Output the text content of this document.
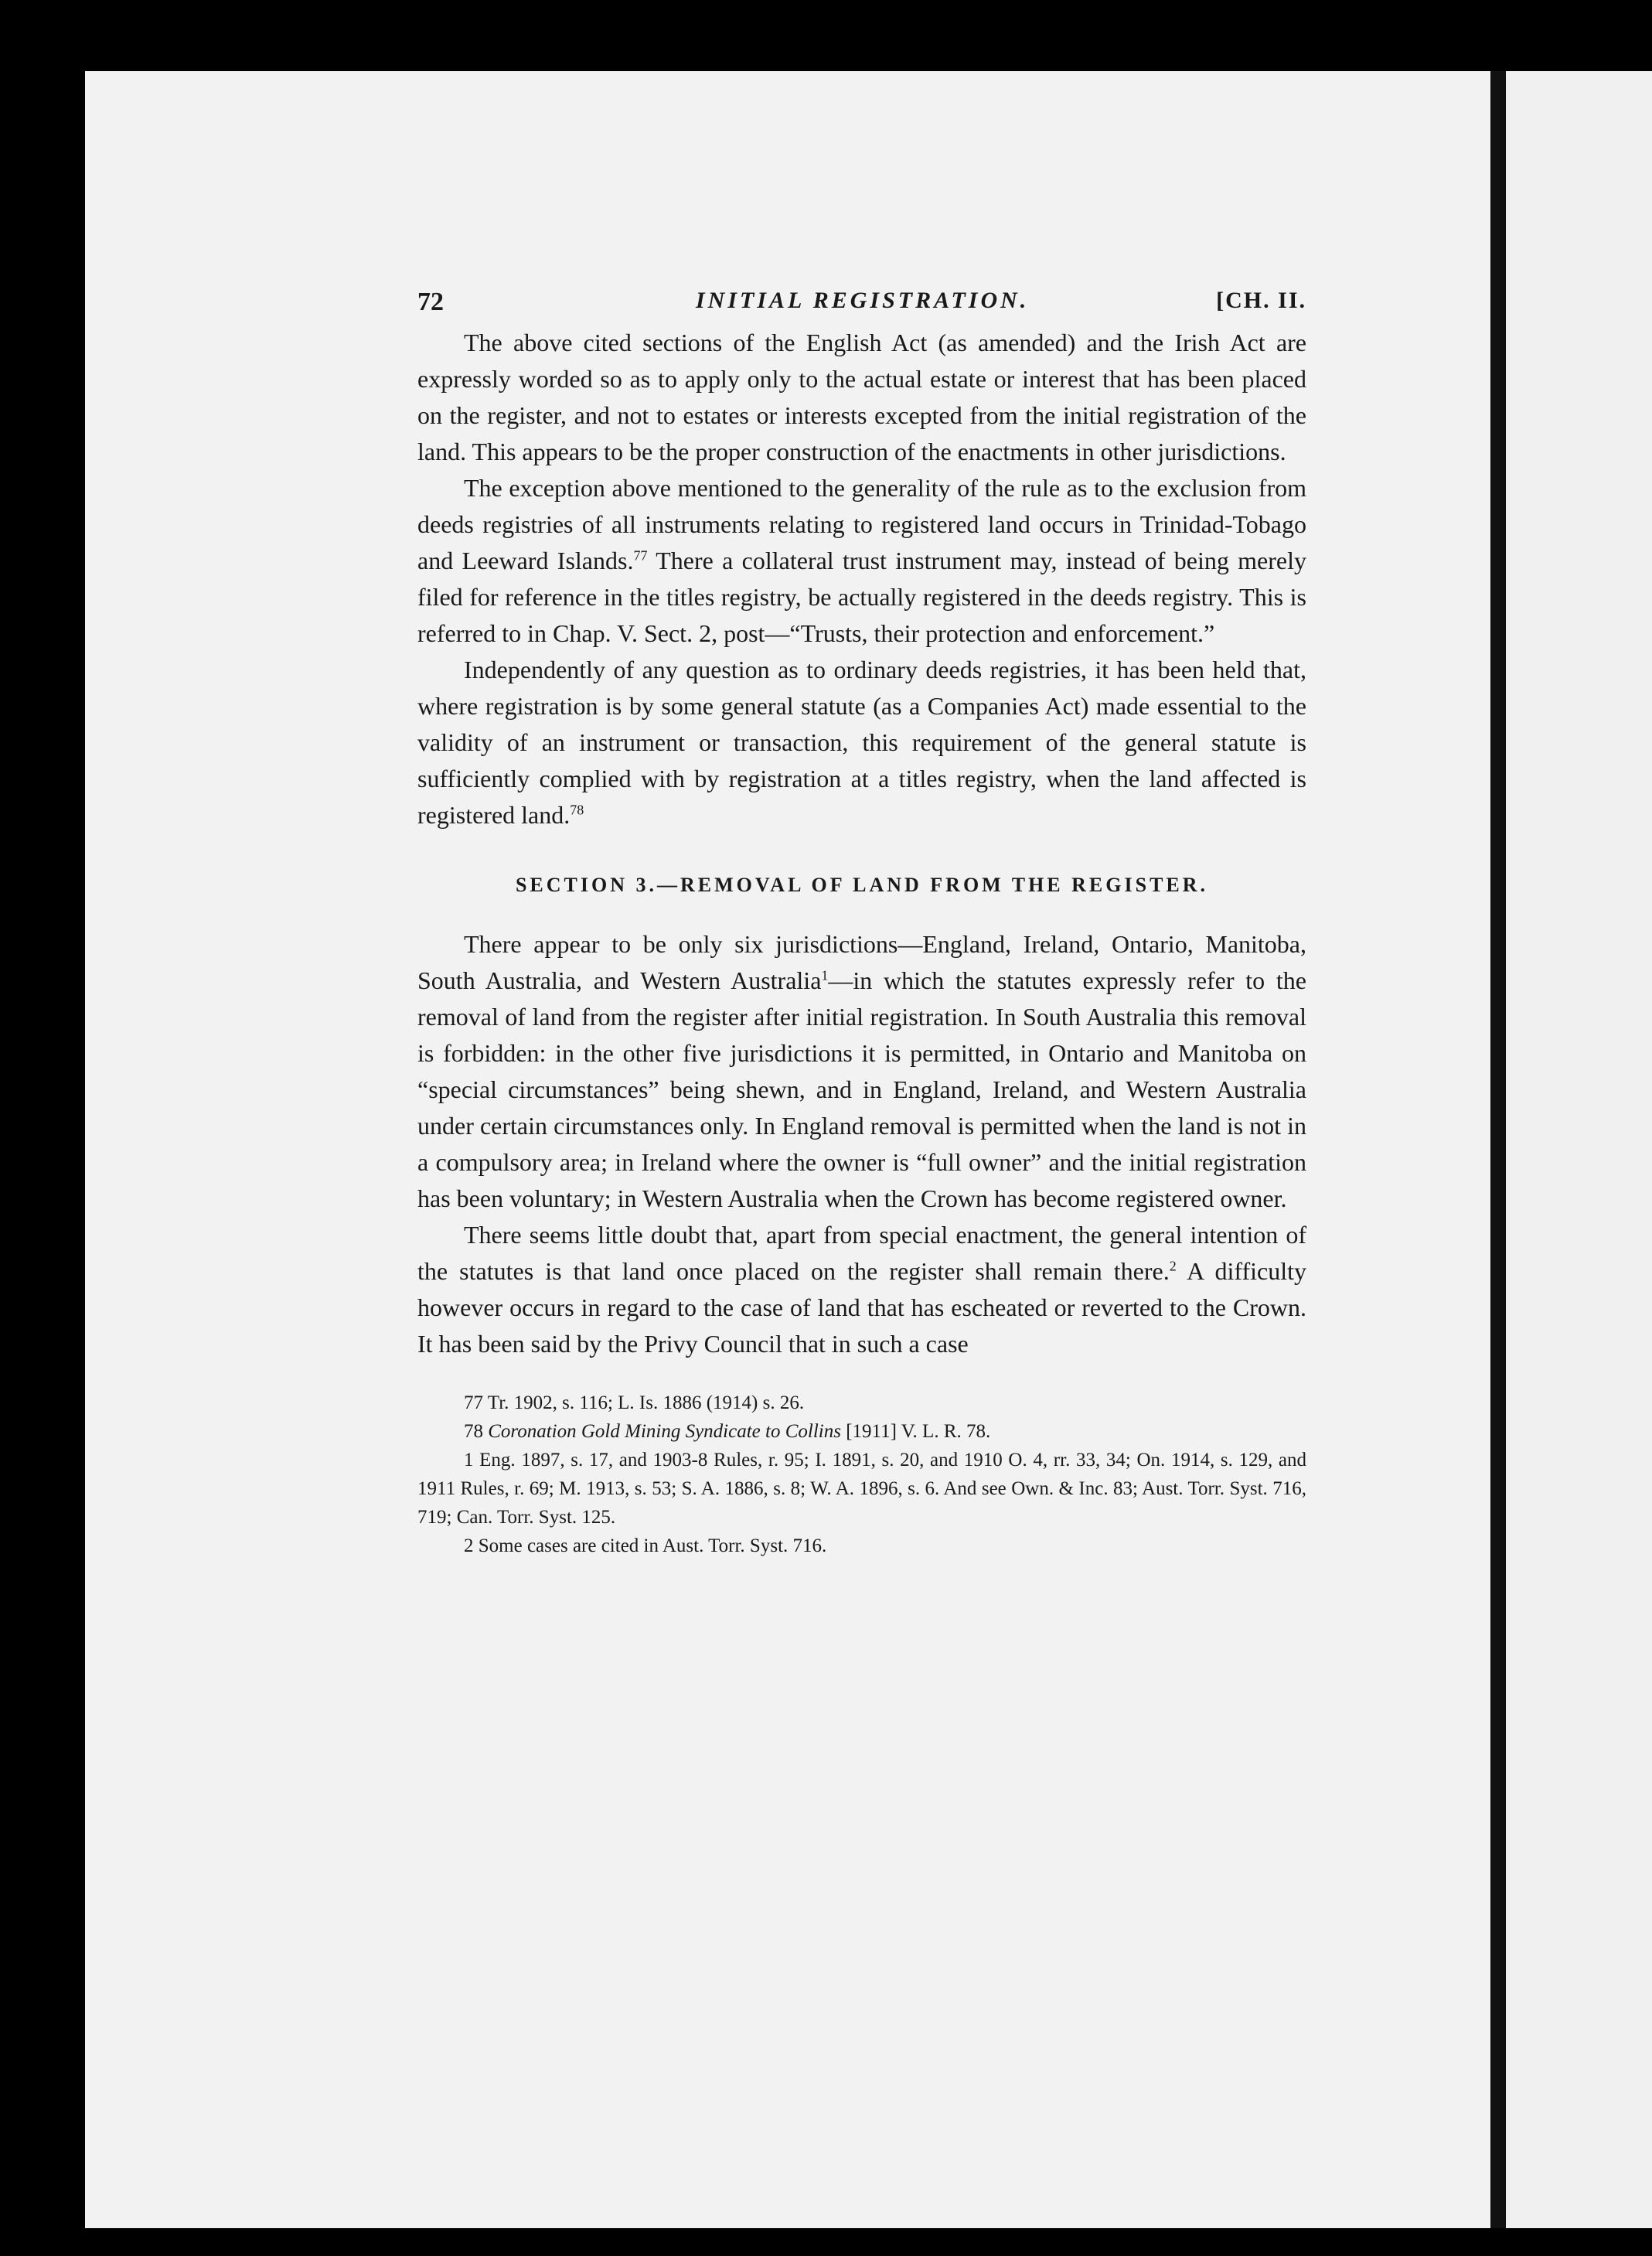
72	INITIAL REGISTRATION.	[CH. II.

The above cited sections of the English Act (as amended) and the Irish Act are expressly worded so as to apply only to the actual estate or interest that has been placed on the register, and not to estates or interests excepted from the initial registration of the land. This appears to be the proper construction of the enactments in other jurisdictions.

The exception above mentioned to the generality of the rule as to the exclusion from deeds registries of all instruments relating to registered land occurs in Trinidad-Tobago and Leeward Islands.$^{77}$ There a collateral trust instrument may, instead of being merely filed for reference in the titles registry, be actually registered in the deeds registry. This is referred to in Chap. V. Sect. 2, post—“Trusts, their protection and enforcement.”

Independently of any question as to ordinary deeds registries, it has been held that, where registration is by some general statute (as a Companies Act) made essential to the validity of an instrument or transaction, this requirement of the general statute is sufficiently complied with by registration at a titles registry, when the land affected is registered land.$^{78}$

SECTION 3.—REMOVAL OF LAND FROM THE REGISTER.

There appear to be only six jurisdictions—England, Ireland, Ontario, Manitoba, South Australia, and Western Australia$^1$—in which the statutes expressly refer to the removal of land from the register after initial registration. In South Australia this removal is forbidden: in the other five jurisdictions it is permitted, in Ontario and Manitoba on “special circumstances” being shewn, and in England, Ireland, and Western Australia under certain circumstances only. In England removal is permitted when the land is not in a compulsory area; in Ireland where the owner is “full owner” and the initial registration has been voluntary; in Western Australia when the Crown has become registered owner.

There seems little doubt that, apart from special enactment, the general intention of the statutes is that land once placed on the register shall remain there.$^2$ A difficulty however occurs in regard to the case of land that has escheated or reverted to the Crown. It has been said by the Privy Council that in such a case

77 Tr. 1902, s. 116; L. Is. 1886 (1914) s. 26.

78 Coronation Gold Mining Syndicate to Collins [1911] V. L. R. 78.

1 Eng. 1897, s. 17, and 1903-8 Rules, r. 95; I. 1891, s. 20, and 1910 O. 4, rr. 33, 34; On. 1914, s. 129, and 1911 Rules, r. 69; M. 1913, s. 53; S. A. 1886, s. 8; W. A. 1896, s. 6. And see Own. & Inc. 83; Aust. Torr. Syst. 716, 719; Can. Torr. Syst. 125.

2 Some cases are cited in Aust. Torr. Syst. 716.
